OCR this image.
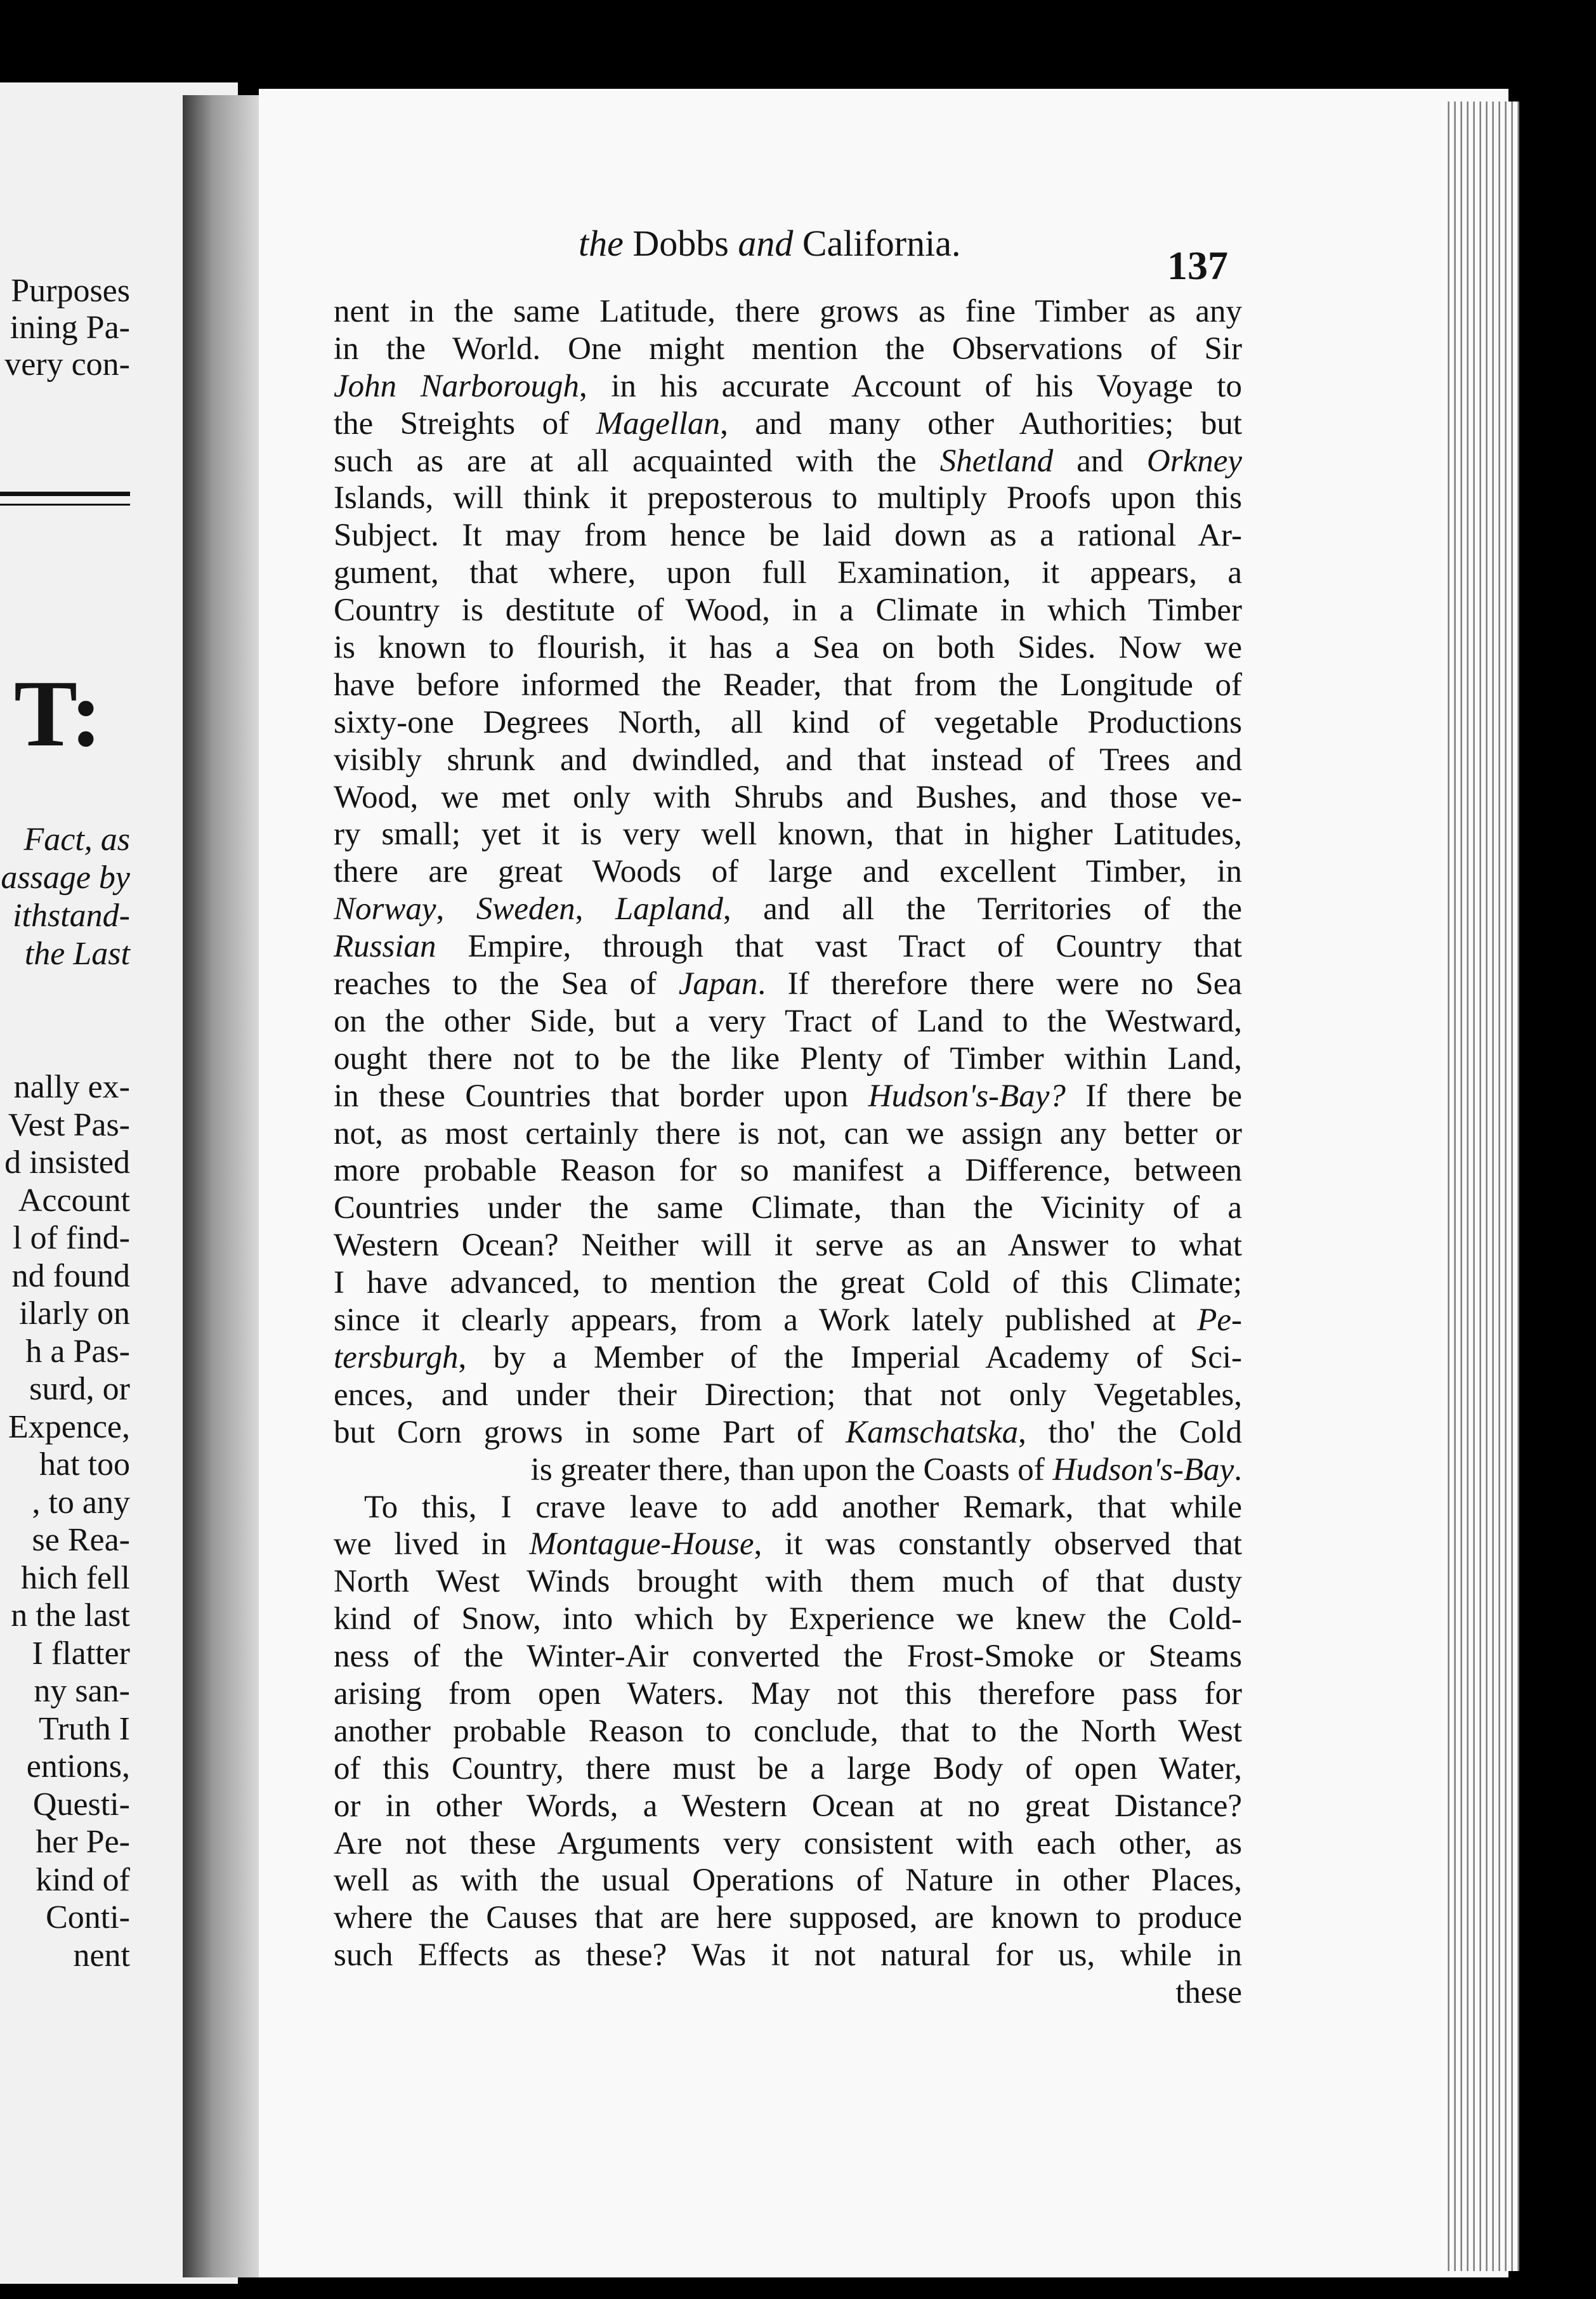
Purposes
ining Pa-
very con-
T:
Fact, as
assage by
ithstand-
the Last
nally ex-
Vest Pas-
d insisted
Account
l of find-
nd found
ilarly on
h a Pas-
surd, or
Expence,
hat too
, to any
se Rea-
hich fell
n the last
I flatter
ny san-
Truth I
entions,
Questi-
her Pe-
kind of
Conti-
nent
the Dobbs and California.	137
nent in the same Latitude, there grows as fine Timber as any
in the World. One might mention the Observations of Sir
John Narborough, in his accurate Account of his Voyage to
the Streights of Magellan, and many other Authorities; but
such as are at all acquainted with the Shetland and Orkney
Islands, will think it preposterous to multiply Proofs upon this
Subject. It may from hence be laid down as a rational Ar-
gument, that where, upon full Examination, it appears, a
Country is destitute of Wood, in a Climate in which Timber
is known to flourish, it has a Sea on both Sides. Now we
have before informed the Reader, that from the Longitude of
sixty-one Degrees North, all kind of vegetable Productions
visibly shrunk and dwindled, and that instead of Trees and
Wood, we met only with Shrubs and Bushes, and those ve-
ry small; yet it is very well known, that in higher Latitudes,
there are great Woods of large and excellent Timber, in
Norway, Sweden, Lapland, and all the Territories of the
Russian Empire, through that vast Tract of Country that
reaches to the Sea of Japan. If therefore there were no Sea
on the other Side, but a very Tract of Land to the Westward,
ought there not to be the like Plenty of Timber within Land,
in these Countries that border upon Hudson's-Bay? If there be
not, as most certainly there is not, can we assign any better or
more probable Reason for so manifest a Difference, between
Countries under the same Climate, than the Vicinity of a
Western Ocean? Neither will it serve as an Answer to what
I have advanced, to mention the great Cold of this Climate;
since it clearly appears, from a Work lately published at Pe-
tersburgh, by a Member of the Imperial Academy of Sci-
ences, and under their Direction; that not only Vegetables,
but Corn grows in some Part of Kamschatska, tho' the Cold
is greater there, than upon the Coasts of Hudson's-Bay.
To this, I crave leave to add another Remark, that while
we lived in Montague-House, it was constantly observed that
North West Winds brought with them much of that dusty
kind of Snow, into which by Experience we knew the Cold-
ness of the Winter-Air converted the Frost-Smoke or Steams
arising from open Waters. May not this therefore pass for
another probable Reason to conclude, that to the North West
of this Country, there must be a large Body of open Water,
or in other Words, a Western Ocean at no great Distance?
Are not these Arguments very consistent with each other, as
well as with the usual Operations of Nature in other Places,
where the Causes that are here supposed, are known to produce
such Effects as these? Was it not natural for us, while in
these
